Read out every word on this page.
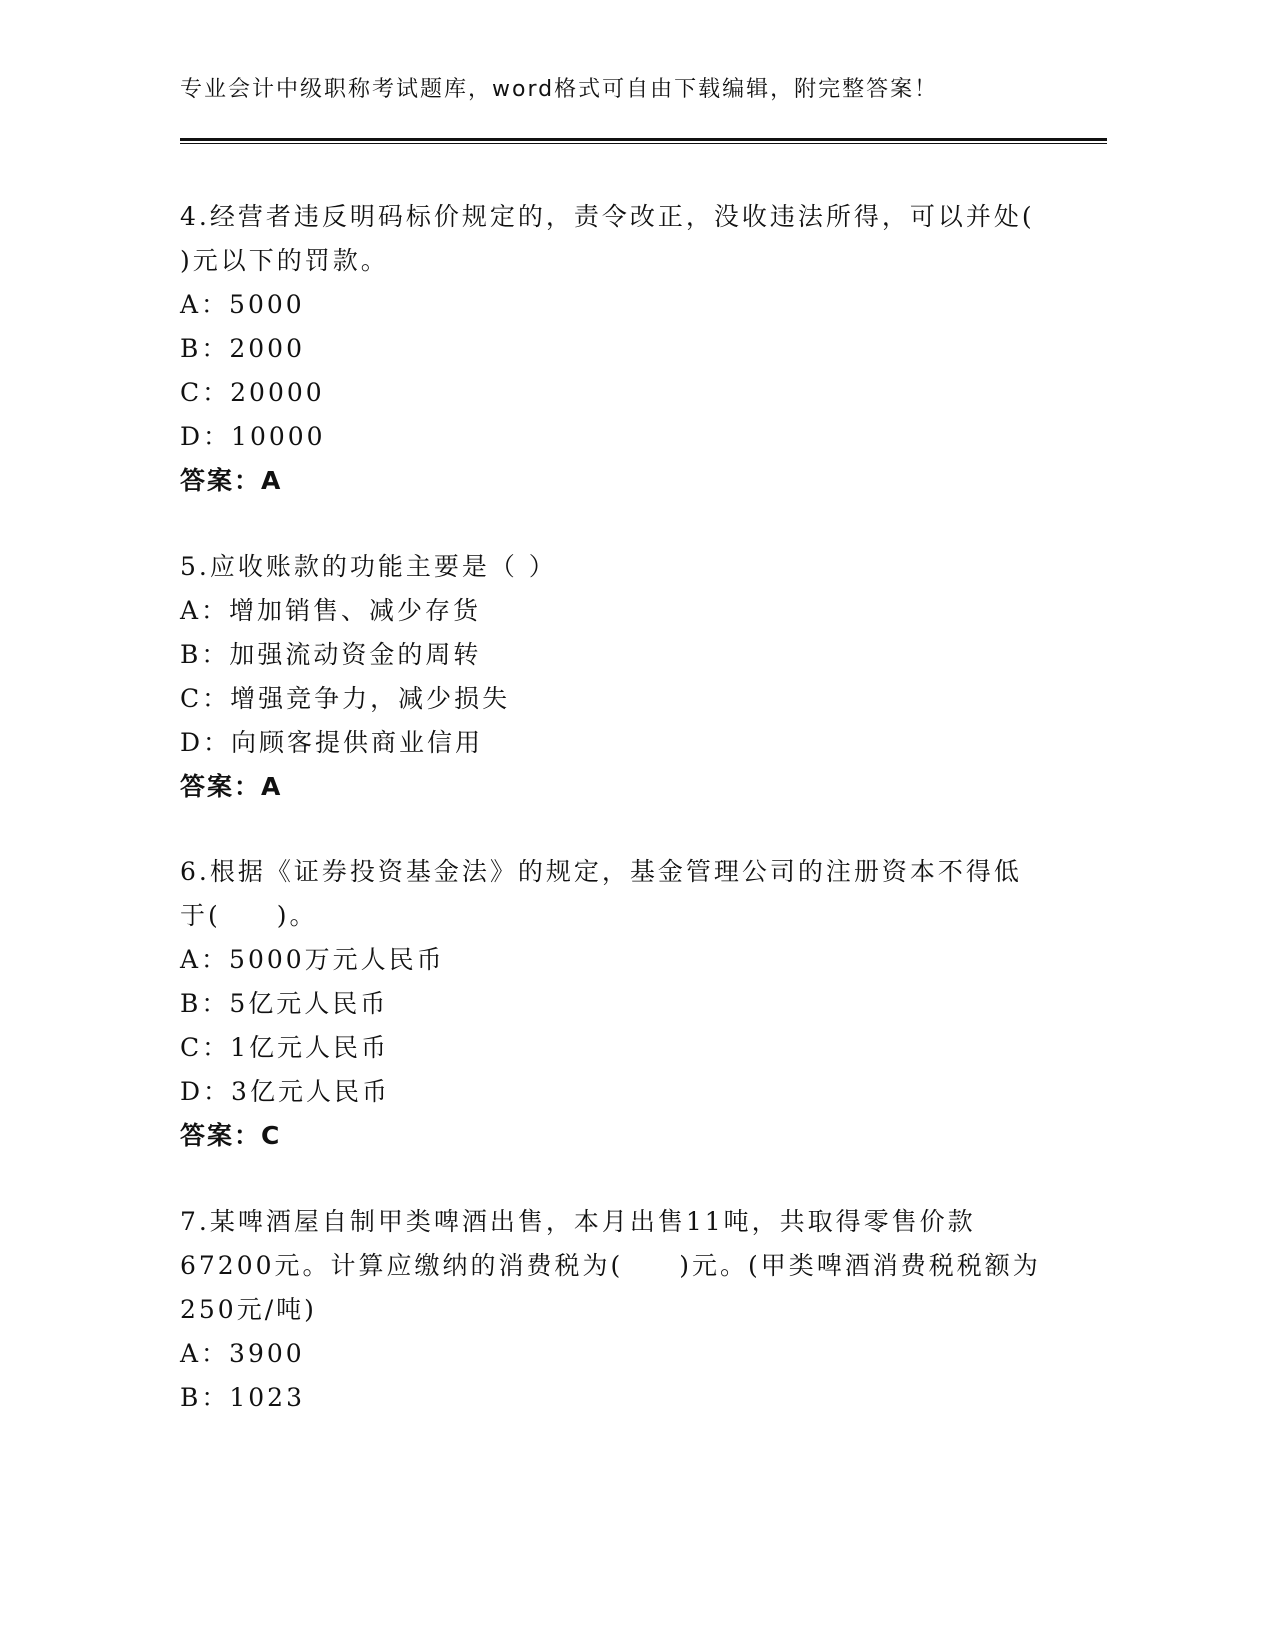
专业会计中级职称考试题库，word格式可自由下载编辑，附完整答案！
4.经营者违反明码标价规定的，责令改正，没收违法所得，可以并处(
)元以下的罚款。
A：5000
B：2000
C：20000
D：10000
答案：A
5.应收账款的功能主要是（ ）
A：增加销售、减少存货
B：加强流动资金的周转
C：增强竞争力，减少损失
D：向顾客提供商业信用
答案：A
6.根据《证券投资基金法》的规定，基金管理公司的注册资本不得低
于(　　)。
A：5000万元人民币
B：5亿元人民币
C：1亿元人民币
D：3亿元人民币
答案：C
7.某啤酒屋自制甲类啤酒出售，本月出售11吨，共取得零售价款
67200元。计算应缴纳的消费税为(　　)元。(甲类啤酒消费税税额为
250元/吨)
A：3900
B：1023
